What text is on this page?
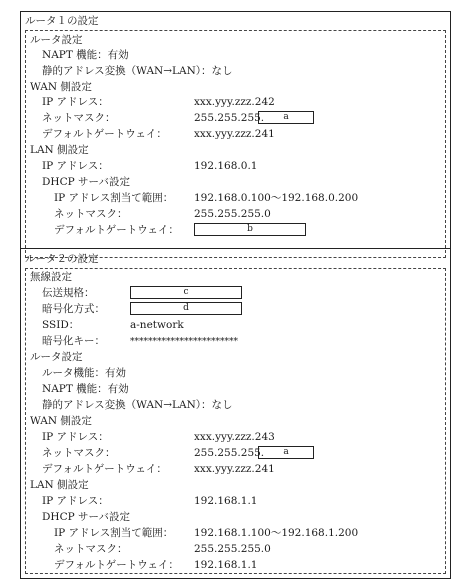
ルータ１の設定
ルータ設定
NAPT 機能：有効
静的アドレス変換（WAN→LAN）：なし
WAN 側設定
IP アドレス：	xxx.yyy.zzz.242
ネットマスク：	255.255.255.	a
デフォルトゲートウェイ：	xxx.yyy.zzz.241
LAN 側設定
IP アドレス：	192.168.0.1
DHCP サーバ設定
IP アドレス割当て範囲： 192.168.0.100～192.168.0.200
ネットマスク：	255.255.255.0
デフォルトゲートウェイ：	b
ルータ２の設定
無線設定
伝送規格：	c
暗号化方式：	d
SSID：	a-network
暗号化キー：	************************
ルータ設定
ルータ機能：有効
NAPT 機能：有効
静的アドレス変換（WAN→LAN）：なし
WAN 側設定
IP アドレス：	xxx.yyy.zzz.243
ネットマスク：	255.255.255.	a
デフォルトゲートウェイ：	xxx.yyy.zzz.241
LAN 側設定
IP アドレス：	192.168.1.1
DHCP サーバ設定
IP アドレス割当て範囲： 192.168.1.100～192.168.1.200
ネットマスク：	255.255.255.0
デフォルトゲートウェイ： 192.168.1.1
